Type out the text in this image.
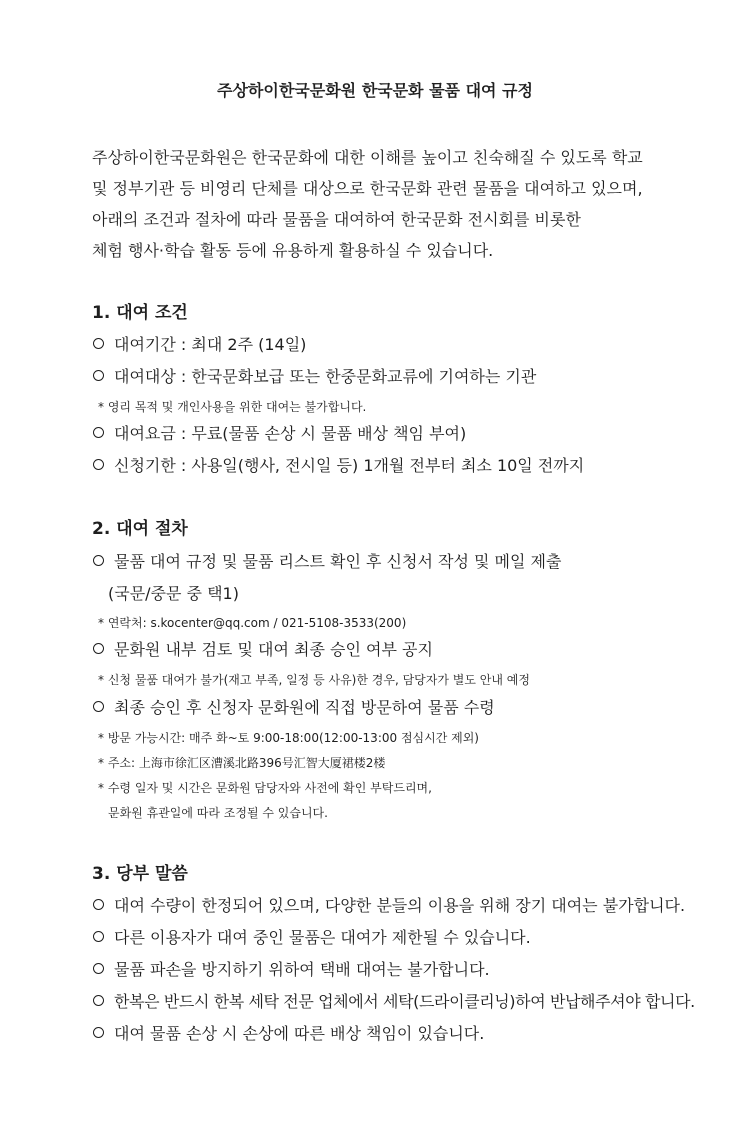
주상하이한국문화원 한국문화 물품 대여 규정
주상하이한국문화원은 한국문화에 대한 이해를 높이고 친숙해질 수 있도록 학교
및 정부기관 등 비영리 단체를 대상으로 한국문화 관련 물품을 대여하고 있으며,
아래의 조건과 절차에 따라 물품을 대여하여 한국문화 전시회를 비롯한
체험 행사·학습 활동 등에 유용하게 활용하실 수 있습니다.
1. 대여 조건
대여기간 : 최대 2주 (14일)
대여대상 : 한국문화보급 또는 한중문화교류에 기여하는 기관
* 영리 목적 및 개인사용을 위한 대여는 불가합니다.
대여요금 : 무료(물품 손상 시 물품 배상 책임 부여)
신청기한 : 사용일(행사, 전시일 등) 1개월 전부터 최소 10일 전까지
2. 대여 절차
물품 대여 규정 및 물품 리스트 확인 후 신청서 작성 및 메일 제출
(국문/중문 중 택1)
* 연락처: s.kocenter@qq.com / 021-5108-3533(200)
문화원 내부 검토 및 대여 최종 승인 여부 공지
* 신청 물품 대여가 불가(재고 부족, 일정 등 사유)한 경우, 담당자가 별도 안내 예정
최종 승인 후 신청자 문화원에 직접 방문하여 물품 수령
* 방문 가능시간: 매주 화~토 9:00-18:00(12:00-13:00 점심시간 제외)
* 주소: 上海市徐汇区漕溪北路396号汇智大厦裙楼2楼
* 수령 일자 및 시간은 문화원 담당자와 사전에 확인 부탁드리며,
문화원 휴관일에 따라 조정될 수 있습니다.
3. 당부 말씀
대여 수량이 한정되어 있으며, 다양한 분들의 이용을 위해 장기 대여는 불가합니다.
다른 이용자가 대여 중인 물품은 대여가 제한될 수 있습니다.
물품 파손을 방지하기 위하여 택배 대여는 불가합니다.
한복은 반드시 한복 세탁 전문 업체에서 세탁(드라이클리닝)하여 반납해주셔야 합니다.
대여 물품 손상 시 손상에 따른 배상 책임이 있습니다.
